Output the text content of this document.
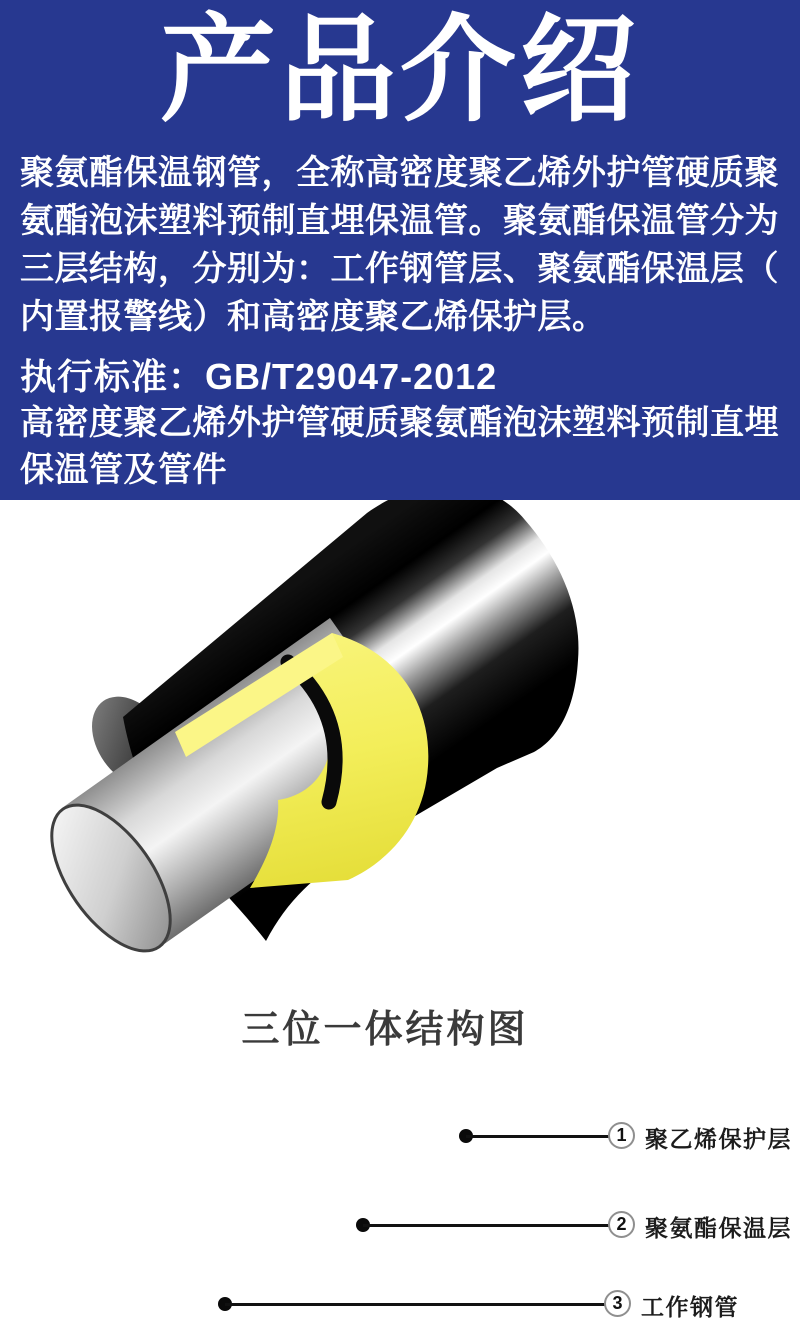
产品介绍
聚氨酯保温钢管，全称高密度聚乙烯外护管硬质聚
氨酯泡沫塑料预制直埋保温管。聚氨酯保温管分为
三层结构，分别为：工作钢管层、聚氨酯保温层（
内置报警线）和高密度聚乙烯保护层。
执行标准：GB/T29047-2012
高密度聚乙烯外护管硬质聚氨酯泡沫塑料预制直埋
保温管及管件
1
2
3
聚乙烯保护层
聚氨酯保温层
工作钢管
三位一体结构图
